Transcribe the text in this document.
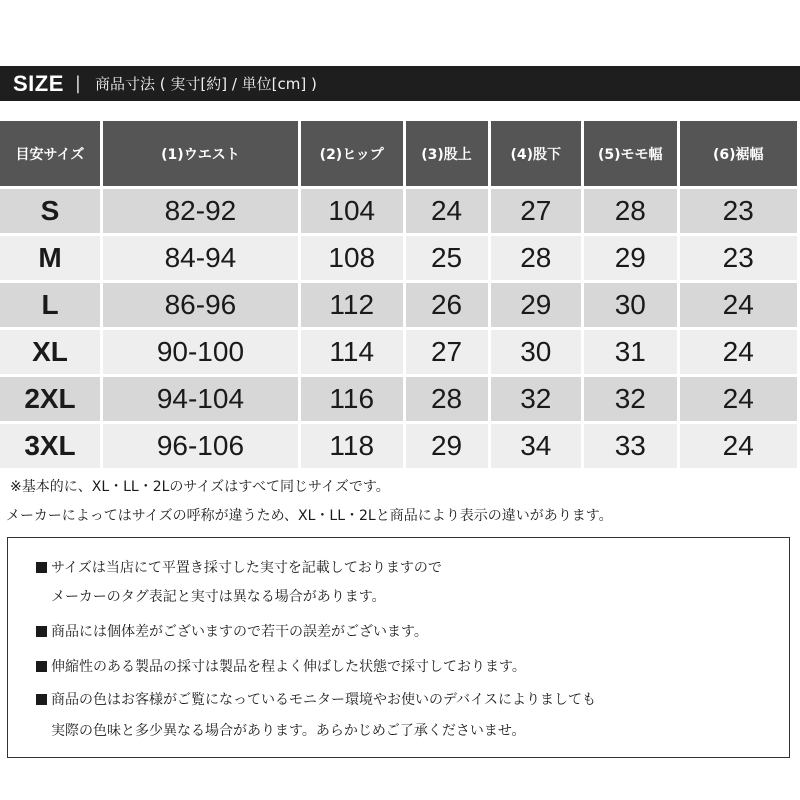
SIZE | 商品寸法 ( 実寸[約] / 単位[cm] )
目安サイズ	(1)ウエスト	(2)ヒップ	(3)股上	(4)股下	(5)モモ幅	(6)裾幅
S	82-92	104	24	27	28	23
M	84-94	108	25	28	29	23
L	86-96	112	26	29	30	24
XL	90-100	114	27	30	31	24
2XL	94-104	116	28	32	32	24
3XL	96-106	118	29	34	33	24
※基本的に、XL・LL・2Lのサイズはすべて同じサイズです。
メーカーによってはサイズの呼称が違うため、XL・LL・2Lと商品により表示の違いがあります。
サイズは当店にて平置き採寸した実寸を記載しておりますので
メーカーのタグ表記と実寸は異なる場合があります。
商品には個体差がございますので若干の誤差がございます。
伸縮性のある製品の採寸は製品を程よく伸ばした状態で採寸しております。
商品の色はお客様がご覧になっているモニター環境やお使いのデバイスによりましても
実際の色味と多少異なる場合があります。あらかじめご了承くださいませ。
